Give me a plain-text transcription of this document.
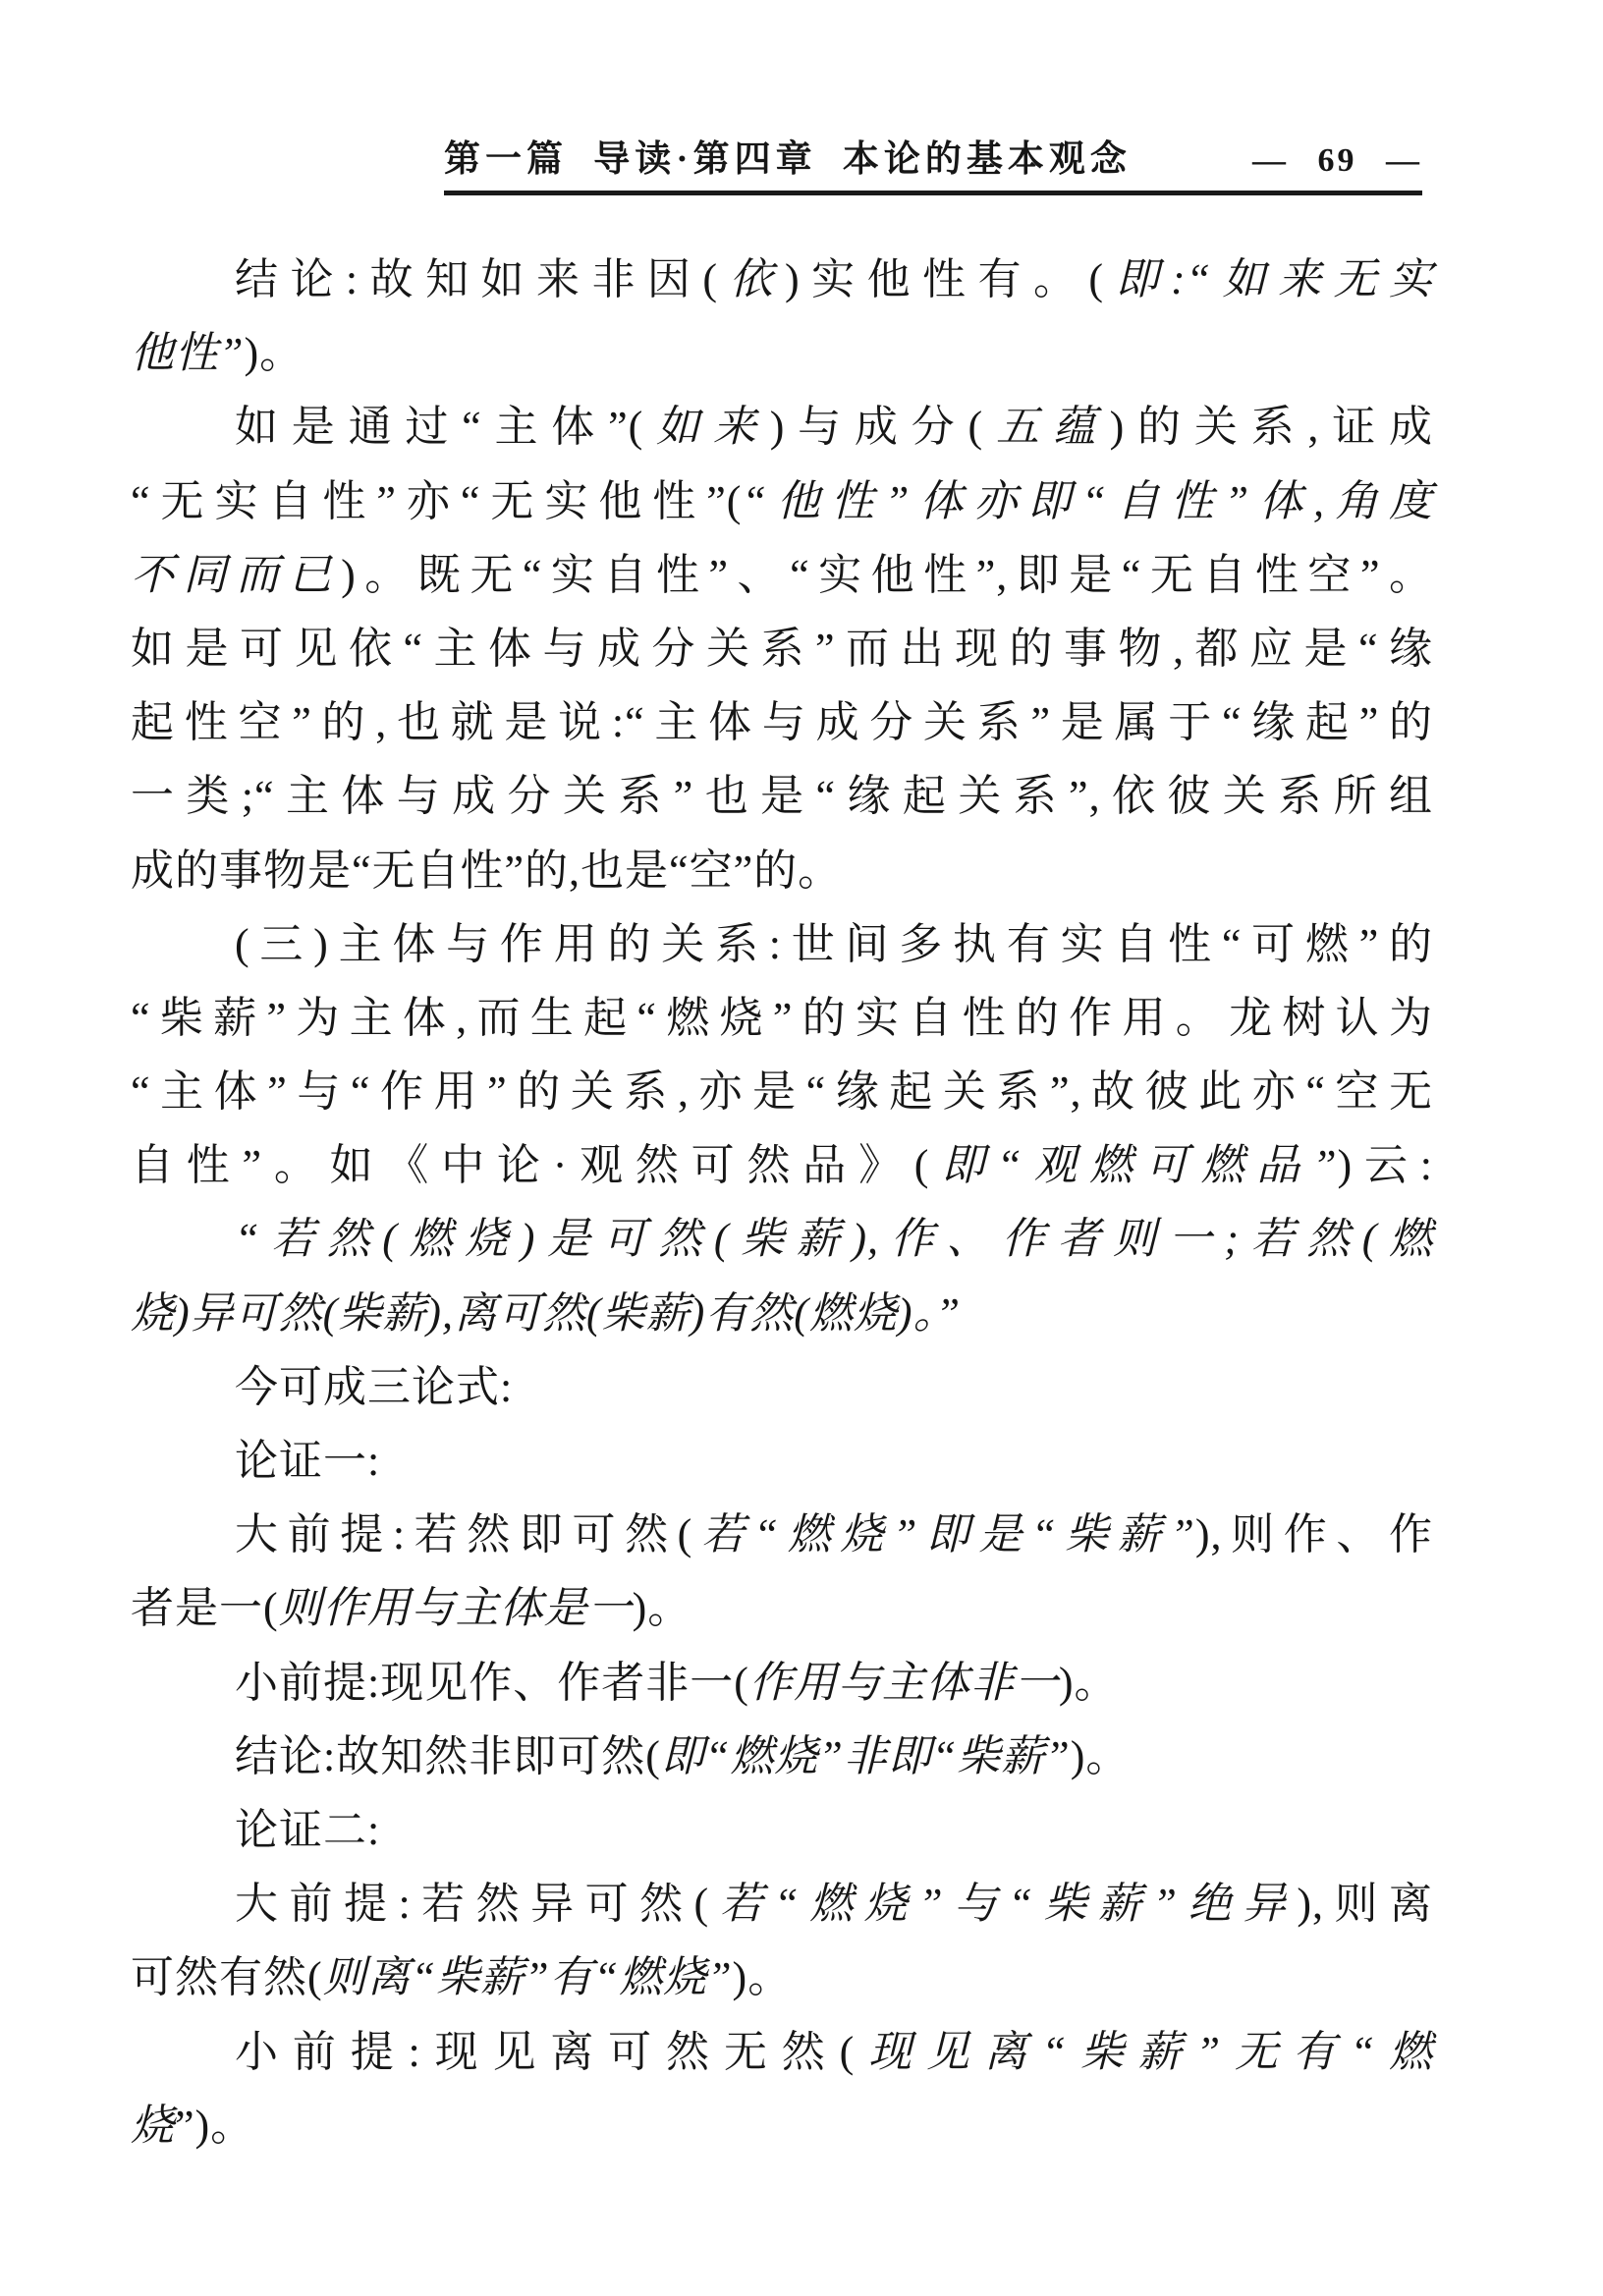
第一篇 导读·第四章 本论的基本观念	— 69 —
结论:故知如来非因(依)实他性有。(即:“如来无实
他性”)。
如是通过“主体”(如来)与成分(五蕴)的关系,证成
“无实自性”亦“无实他性”(“他性”体亦即“自性”体,角度
不同而已)。既无“实自性”、“实他性”,即是“无自性空”。
如是可见依“主体与成分关系”而出现的事物,都应是“缘
起性空”的,也就是说:“主体与成分关系”是属于“缘起”的
一类;“主体与成分关系”也是“缘起关系”,依彼关系所组
成的事物是“无自性”的,也是“空”的。
(三)主体与作用的关系:世间多执有实自性“可燃”的
“柴薪”为主体,而生起“燃烧”的实自性的作用。龙树认为
“主体”与“作用”的关系,亦是“缘起关系”,故彼此亦“空无
自性”。如《中论·观然可然品》(即“观燃可燃品”)云:
“若然(燃烧)是可然(柴薪),作、作者则一;若然(燃
烧)异可然(柴薪),离可然(柴薪)有然(燃烧)。”
今可成三论式:
论证一:
大前提:若然即可然(若“燃烧”即是“柴薪”),则作、作
者是一(则作用与主体是一)。
小前提:现见作、作者非一(作用与主体非一)。
结论:故知然非即可然(即“燃烧”非即“柴薪”)。
论证二:
大前提:若然异可然(若“燃烧”与“柴薪”绝异),则离
可然有然(则离“柴薪”有“燃烧”)。
小前提:现见离可然无然(现见离“柴薪”无有“燃
烧”)。
